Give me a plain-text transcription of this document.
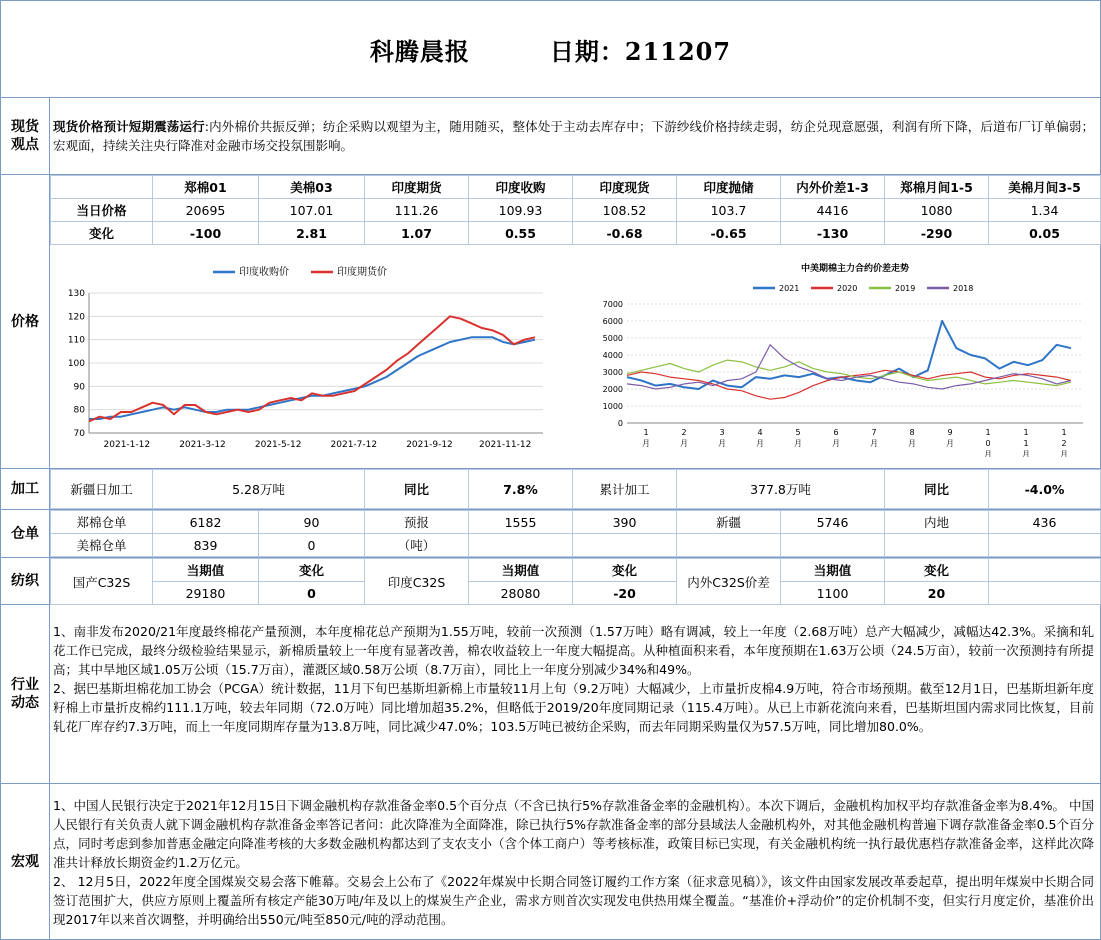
科腾晨报	日期：211207
现货观点
现货价格预计短期震荡运行:内外棉价共振反弹；纺企采购以观望为主，随用随买，整体处于主动去库存中；下游纱线价格持续走弱，纺企兑现意愿强，利润有所下降，后道布厂订单偏弱；宏观面，持续关注央行降准对金融市场交投氛围影响。
价格
	郑棉01	美棉03	印度期货	印度收购	印度现货	印度抛储	内外价差1-3	郑棉月间1-5	美棉月间3-5
当日价格	20695	107.01	111.26	109.93	108.52	103.7	4416	1080	1.34
变化	-100	2.81	1.07	0.55	-0.68	-0.65	-130	-290	0.05
印度收购价	印度期货价
70
80
90
100
110
120
130
2021-1-12	2021-3-12	2021-5-12	2021-7-12	2021-9-12	2021-11-12
中美期棉主力合约价差走势
2021	2020	2019	2018
0
1000
2000
3000
4000
5000
6000
7000
1 月
2 月
3 月
4 月
5 月
6 月
7 月
8 月
9 月
1 0 月
1 1 月
1 2 月
加工	新疆日加工	5.28万吨	同比	7.8%	累计加工	377.8万吨	同比	-4.0%
仓单
郑棉仓单	6182	90	预报	1555	390	新疆	5746	内地	436
美棉仓单	839	0	（吨）						
纺织	国产C32S	当期值	变化	印度C32S	当期值	变化	内外C32S价差	当期值	变化	
	29180	0		28080	-20		1100	20	
行业动态
1、南非发布2020/21年度最终棉花产量预测，本年度棉花总产预期为1.55万吨，较前一次预测（1.57万吨）略有调减，较上一年度（2.68万吨）总产大幅减少，减幅达42.3%。采摘和轧花工作已完成，最终分级检验结果显示，新棉质量较上一年度有显著改善，棉农收益较上一年度大幅提高。从种植面积来看，本年度预期在1.63万公顷（24.5万亩），较前一次预测持有所提高；其中旱地区域1.05万公顷（15.7万亩），灌溉区域0.58万公顷（8.7万亩），同比上一年度分别减少34%和49%。
2、据巴基斯坦棉花加工协会（PCGA）统计数据，11月下旬巴基斯坦新棉上市量较11月上旬（9.2万吨）大幅减少，上市量折皮棉4.9万吨，符合市场预期。截至12月1日，巴基斯坦新年度籽棉上市量折皮棉约111.1万吨，较去年同期（72.0万吨）同比增加超35.2%，但略低于2019/20年度同期记录（115.4万吨）。从已上市新花流向来看，巴基斯坦国内需求同比恢复，目前轧花厂库存约7.3万吨，而上一年度同期库存量为13.8万吨，同比减少47.0%；103.5万吨已被纺企采购，而去年同期采购量仅为57.5万吨，同比增加80.0%。
宏观
1、中国人民银行决定于2021年12月15日下调金融机构存款准备金率0.5个百分点（不含已执行5%存款准备金率的金融机构）。本次下调后，金融机构加权平均存款准备金率为8.4%。 中国人民银行有关负责人就下调金融机构存款准备金率答记者问：此次降准为全面降准，除已执行5%存款准备金率的部分县域法人金融机构外，对其他金融机构普遍下调存款准备金率0.5个百分点，同时考虑到参加普惠金融定向降准考核的大多数金融机构都达到了支农支小（含个体工商户）等考核标准，政策目标已实现，有关金融机构统一执行最优惠档存款准备金率，这样此次降准共计释放长期资金约1.2万亿元。
2、 12月5日，2022年度全国煤炭交易会落下帷幕。交易会上公布了《2022年煤炭中长期合同签订履约工作方案（征求意见稿）》，该文件由国家发展改革委起草，提出明年煤炭中长期合同签订范围扩大，供应方原则上覆盖所有核定产能30万吨/年及以上的煤炭生产企业，需求方则首次实现发电供热用煤全覆盖。“基准价+浮动价”的定价机制不变，但实行月度定价，基准价出现2017年以来首次调整，并明确给出550元/吨至850元/吨的浮动范围。
